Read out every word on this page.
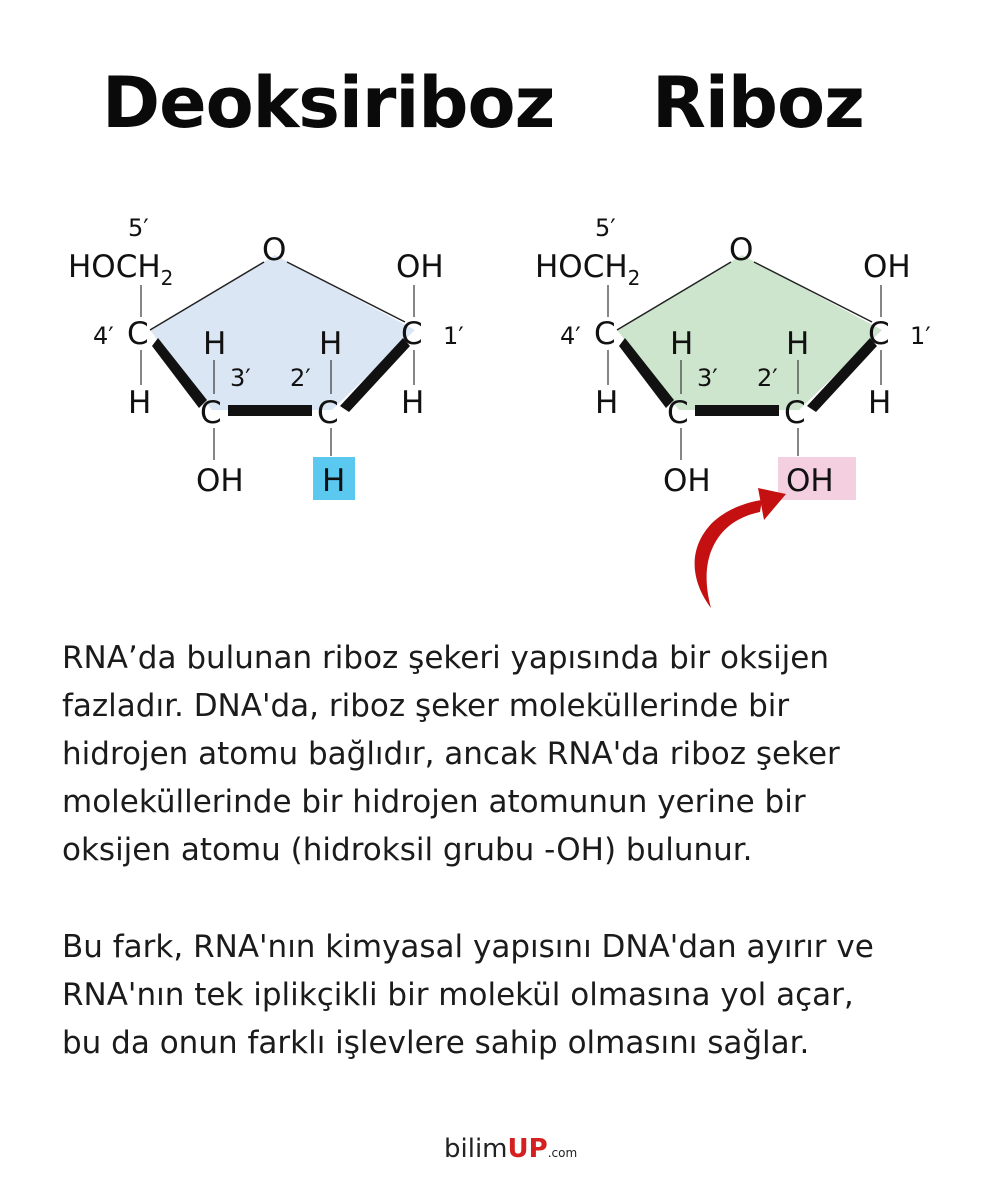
Deoksiriboz Riboz
5′
$HOCH_2$
O	OH
4′ C	C 1′
H	H
3′ 2′
H	H
C	C
OH	H
5′
$HOCH_2$
O	OH
4′ C	C 1′
H	H
3′ 2′
H	H
C	C
OH OH
RNA’da bulunan riboz şekeri yapısında bir oksijen
fazladır. DNA'da, riboz şeker moleküllerinde bir
hidrojen atomu bağlıdır, ancak RNA'da riboz şeker
moleküllerinde bir hidrojen atomunun yerine bir
oksijen atomu (hidroksil grubu -OH) bulunur.
Bu fark, RNA'nın kimyasal yapısını DNA'dan ayırır ve
RNA'nın tek iplikçikli bir molekül olmasına yol açar,
bu da onun farklı işlevlere sahip olmasını sağlar.
bilimUP.com
